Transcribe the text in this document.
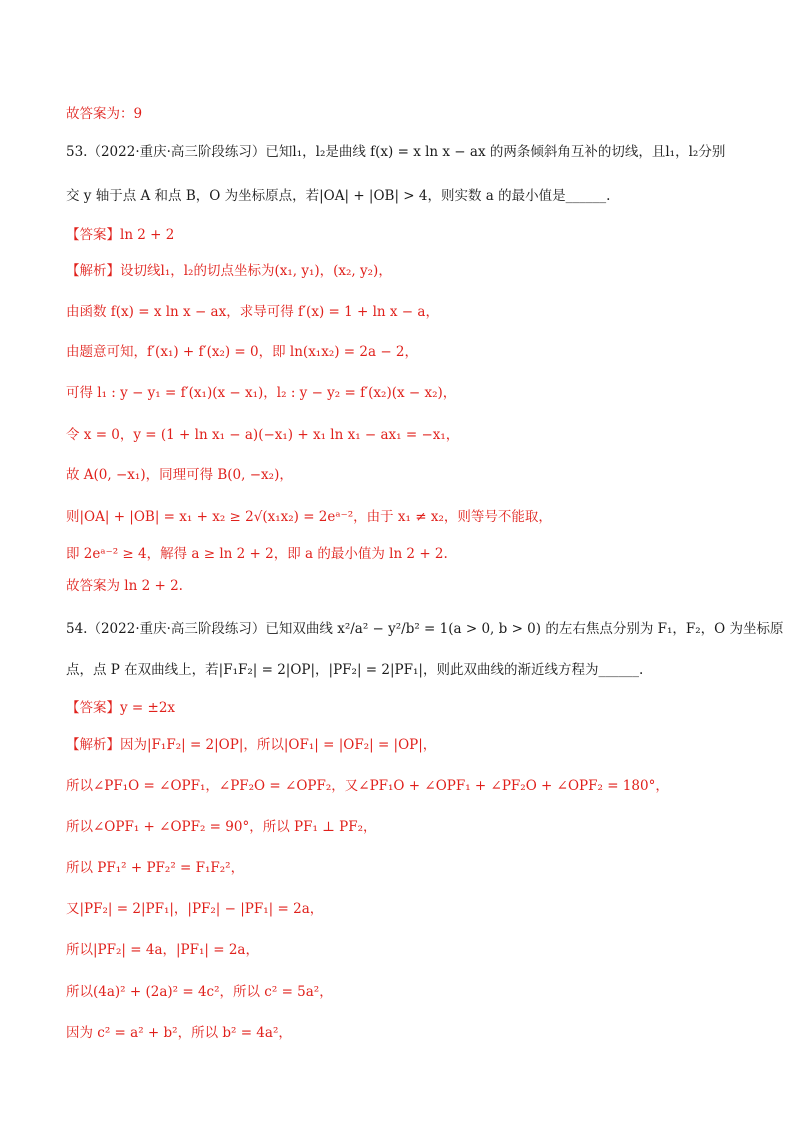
故答案为：9
53.（2022·重庆·高三阶段练习）已知l₁，l₂是曲线 f(x) = x ln x − ax 的两条倾斜角互补的切线，且l₁，l₂分别
交 y 轴于点 A 和点 B，O 为坐标原点，若|OA| + |OB| > 4，则实数 a 的最小值是______.
【答案】ln 2 + 2
【解析】设切线l₁，l₂的切点坐标为(x₁, y₁)，(x₂, y₂)，
由函数 f(x) = x ln x − ax，求导可得 f′(x) = 1 + ln x − a，
由题意可知，f′(x₁) + f′(x₂) = 0，即 ln(x₁x₂) = 2a − 2，
可得 l₁ : y − y₁ = f′(x₁)(x − x₁)，l₂ : y − y₂ = f′(x₂)(x − x₂)，
令 x = 0，y = (1 + ln x₁ − a)(−x₁) + x₁ ln x₁ − ax₁ = −x₁，
故 A(0, −x₁)，同理可得 B(0, −x₂)，
则|OA| + |OB| = x₁ + x₂ ≥ 2√(x₁x₂) = 2eᵃ⁻²，由于 x₁ ≠ x₂，则等号不能取，
即 2eᵃ⁻² ≥ 4，解得 a ≥ ln 2 + 2，即 a 的最小值为 ln 2 + 2.
故答案为 ln 2 + 2.
54.（2022·重庆·高三阶段练习）已知双曲线 x²/a² − y²/b² = 1(a > 0, b > 0) 的左右焦点分别为 F₁，F₂，O 为坐标原
点，点 P 在双曲线上，若|F₁F₂| = 2|OP|，|PF₂| = 2|PF₁|，则此双曲线的渐近线方程为______.
【答案】y = ±2x
【解析】因为|F₁F₂| = 2|OP|，所以|OF₁| = |OF₂| = |OP|，
所以∠PF₁O = ∠OPF₁，∠PF₂O = ∠OPF₂，又∠PF₁O + ∠OPF₁ + ∠PF₂O + ∠OPF₂ = 180°，
所以∠OPF₁ + ∠OPF₂ = 90°，所以 PF₁ ⊥ PF₂，
所以 PF₁² + PF₂² = F₁F₂²，
又|PF₂| = 2|PF₁|，|PF₂| − |PF₁| = 2a，
所以|PF₂| = 4a，|PF₁| = 2a，
所以(4a)² + (2a)² = 4c²，所以 c² = 5a²，
因为 c² = a² + b²，所以 b² = 4a²，
